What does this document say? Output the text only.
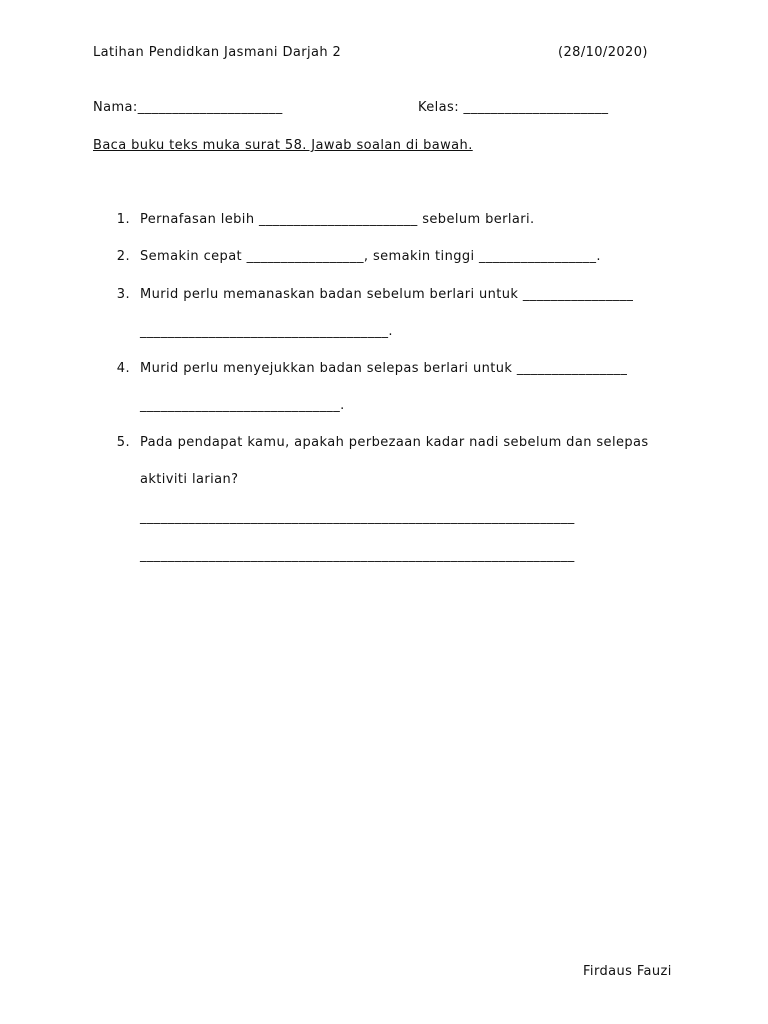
Latihan Pendidkan Jasmani Darjah 2	(28/10/2020)
Nama:_____________________	Kelas: _____________________
Baca buku teks muka surat 58. Jawab soalan di bawah.
1. Pernafasan lebih _______________________ sebelum berlari.
2. Semakin cepat _________________, semakin tinggi _________________.
3. Murid perlu memanaskan badan sebelum berlari untuk ________________
____________________________________.
4. Murid perlu menyejukkan badan selepas berlari untuk ________________
_____________________________.
5. Pada pendapat kamu, apakah perbezaan kadar nadi sebelum dan selepas
aktiviti larian?
_______________________________________________________________
_______________________________________________________________
Firdaus Fauzi
